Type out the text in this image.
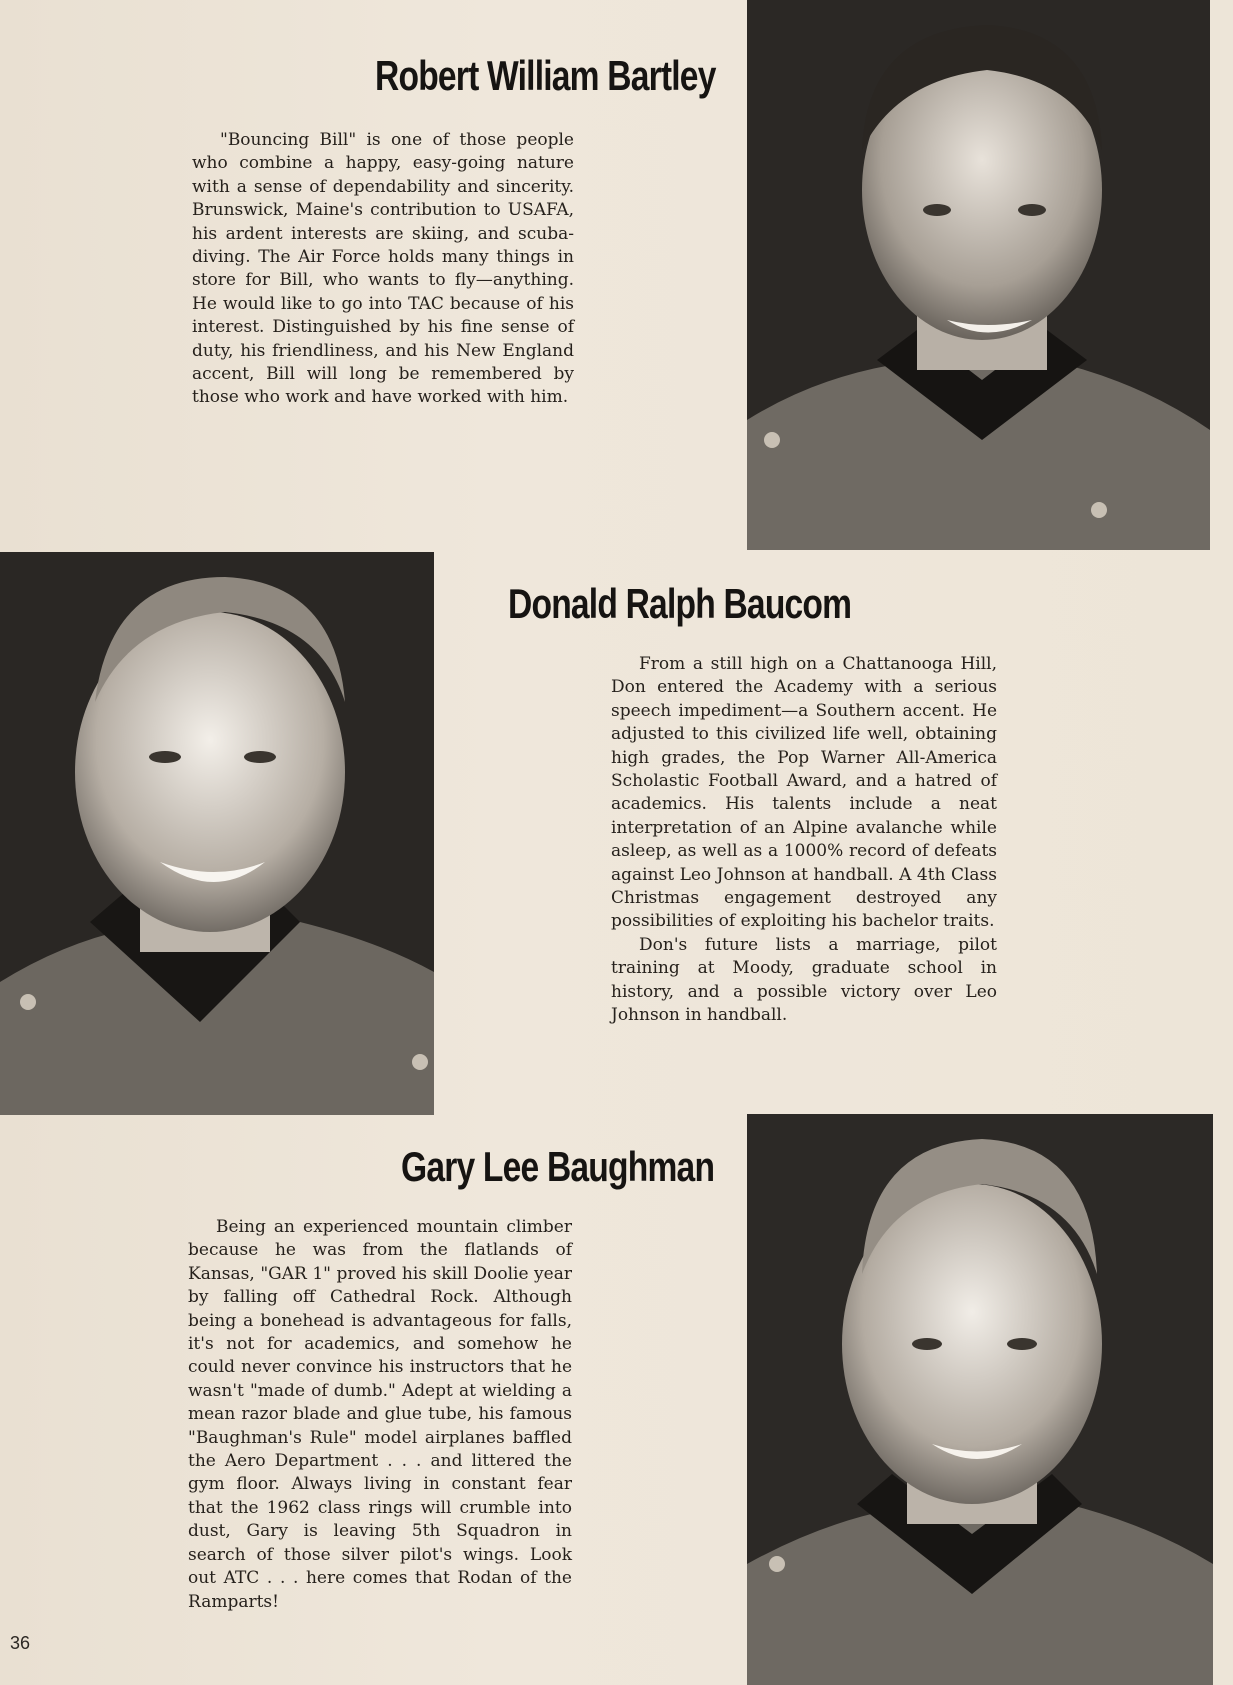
Robert William Bartley

"Bouncing Bill" is one of those people who combine a happy, easy-going nature with a sense of dependability and sincerity. Brunswick, Maine's contribution to USAFA, his ardent interests are skiing, and scuba-diving. The Air Force holds many things in store for Bill, who wants to fly—anything. He would like to go into TAC because of his interest. Distinguished by his fine sense of duty, his friendliness, and his New England accent, Bill will long be remembered by those who work and have worked with him.

Donald Ralph Baucom

From a still high on a Chattanooga Hill, Don entered the Academy with a serious speech impediment—a Southern accent. He adjusted to this civilized life well, obtaining high grades, the Pop Warner All-America Scholastic Football Award, and a hatred of academics. His talents include a neat interpretation of an Alpine avalanche while asleep, as well as a 1000% record of defeats against Leo Johnson at handball. A 4th Class Christmas engagement destroyed any possibilities of exploiting his bachelor traits.

Don's future lists a marriage, pilot training at Moody, graduate school in history, and a possible victory over Leo Johnson in handball.

Gary Lee Baughman

Being an experienced mountain climber because he was from the flatlands of Kansas, "GAR 1" proved his skill Doolie year by falling off Cathedral Rock. Although being a bonehead is advantageous for falls, it's not for academics, and somehow he could never convince his instructors that he wasn't "made of dumb." Adept at wielding a mean razor blade and glue tube, his famous "Baughman's Rule" model airplanes baffled the Aero Department . . . and littered the gym floor. Always living in constant fear that the 1962 class rings will crumble into dust, Gary is leaving 5th Squadron in search of those silver pilot's wings. Look out ATC . . . here comes that Rodan of the Ramparts!

36
